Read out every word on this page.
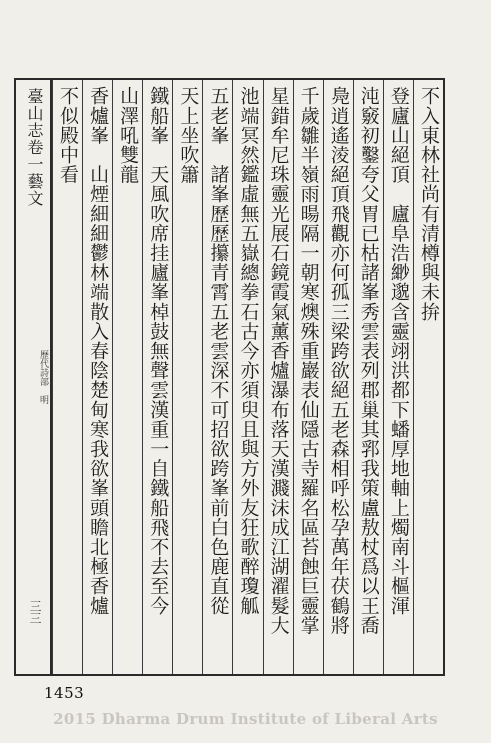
臺山志卷一藝文
歷代詩部　明
三三
不入東林社尚有清樽與未拚
登廬山絕頂　廬阜浩緲邈含靈翊洪都下蟠厚地軸上燭南斗樞渾
沌竅初鑿夸父胃已枯諸峯秀雲表列郡巢其郛我策盧敖杖爲以王喬
鳧逍遙淩絕頂飛觀亦何孤三梁跨欲絕五老森相呼松孕萬年茯鶴將
千歲雛半嶺雨暘隔一朝寒燠殊重巖表仙隱古寺羅名區苔蝕巨靈掌
星錯牟尼珠靈光展石鏡霞氣薰香爐瀑布落天漢濺沫成江湖濯髮大
池端冥然鑑虛無五嶽總拳石古今亦須臾且與方外友狂歌醉瓊觚
五老峯　諸峯歷歷攥青霄五老雲深不可招欲跨峯前白色鹿直從
天上坐吹簫
鐵船峯　天風吹席挂廬峯棹鼓無聲雲漢重一自鐵船飛不去至今
山澤吼雙龍
香爐峯　山煙細細鬱林端散入春陰楚甸寒我欲峯頭瞻北極香爐
不似殿中看
1453
2015 Dharma Drum Institute of Liberal Arts
